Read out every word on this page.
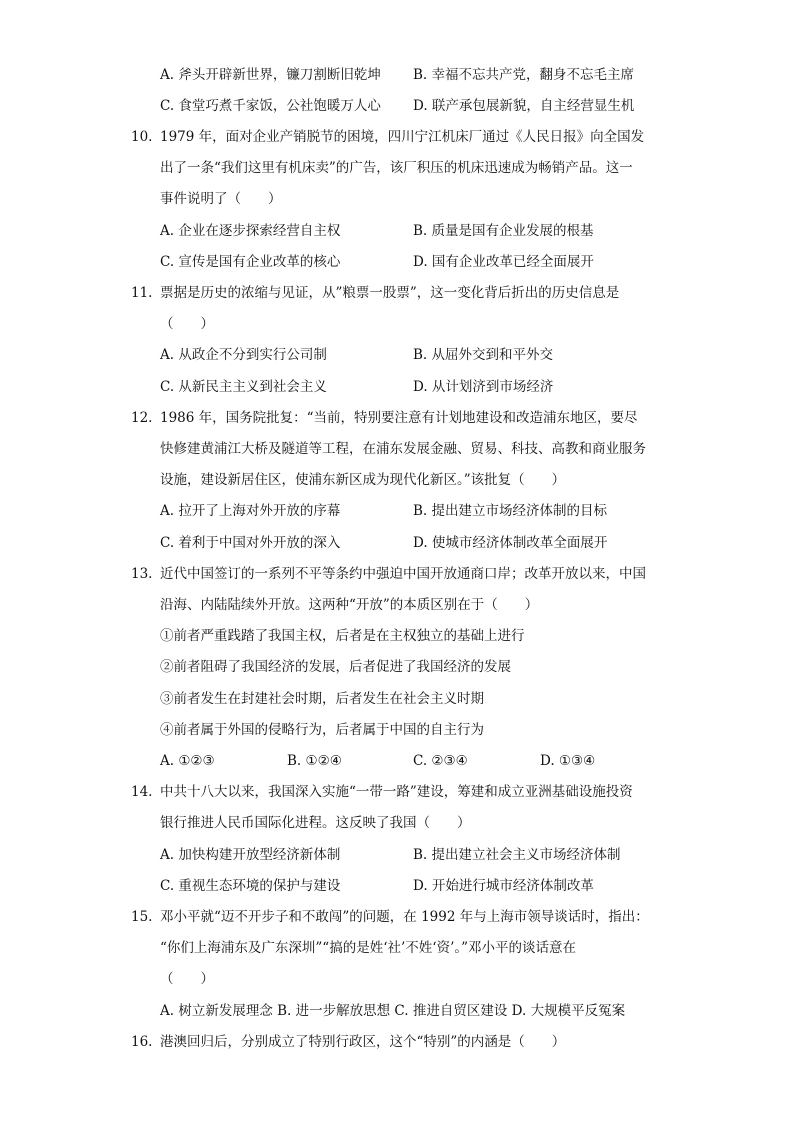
A. 斧头开辟新世界，镰刀割断旧乾坤 B. 幸福不忘共产党，翻身不忘毛主席
C. 食堂巧煮千家饭，公社饱暖万人心 D. 联产承包展新貌，自主经营显生机
10. 1979 年，面对企业产销脱节的困境，四川宁江机床厂通过《人民日报》向全国发
出了一条“我们这里有机床卖”的广告，该厂积压的机床迅速成为畅销产品。这一
事件说明了（　　）
A. 企业在逐步探索经营自主权	B. 质量是国有企业发展的根基
C. 宣传是国有企业改革的核心	D. 国有企业改革已经全面展开
11. 票据是历史的浓缩与见证，从”粮票一股票”，这一变化背后折出的历史信息是
（　　）
A. 从政企不分到实行公司制	B. 从屈外交到和平外交
C. 从新民主主义到社会主义	D. 从计划济到市场经济
12. 1986 年，国务院批复：“当前，特别要注意有计划地建设和改造浦东地区，要尽
快修建黄浦江大桥及隧道等工程，在浦东发展金融、贸易、科技、高教和商业服务
设施，建设新居住区，使浦东新区成为现代化新区。”该批复（　　）
A. 拉开了上海对外开放的序幕	B. 提出建立市场经济体制的目标
C. 着利于中国对外开放的深入	D. 使城市经济体制改革全面展开
13. 近代中国签订的一系列不平等条约中强迫中国开放通商口岸；改革开放以来，中国
沿海、内陆陆续外开放。这两种“开放”的本质区别在于（　　）
①前者严重践踏了我国主权，后者是在主权独立的基础上进行
②前者阻碍了我国经济的发展，后者促进了我国经济的发展
③前者发生在封建社会时期，后者发生在社会主义时期
④前者属于外国的侵略行为，后者属于中国的自主行为
A. ①②③	B. ①②④	C. ②③④	D. ①③④
14. 中共十八大以来，我国深入实施“一带一路”建设，筹建和成立亚洲基础设施投资
银行推进人民币国际化进程。这反映了我国（　　）
A. 加快构建开放型经济新体制	B. 提出建立社会主义市场经济体制
C. 重视生态环境的保护与建设	D. 开始进行城市经济体制改革
15. 邓小平就“迈不开步子和不敢闯”的问题，在 1992 年与上海市领导谈话时，指出：
“你们上海浦东及广东深圳”“搞的是姓‘社’不姓‘资’。”邓小平的谈话意在
（　　）
A. 树立新发展理念 B. 进一步解放思想 C. 推进自贸区建设 D. 大规模平反冤案
16. 港澳回归后，分别成立了特别行政区，这个“特别”的内涵是（　　）
